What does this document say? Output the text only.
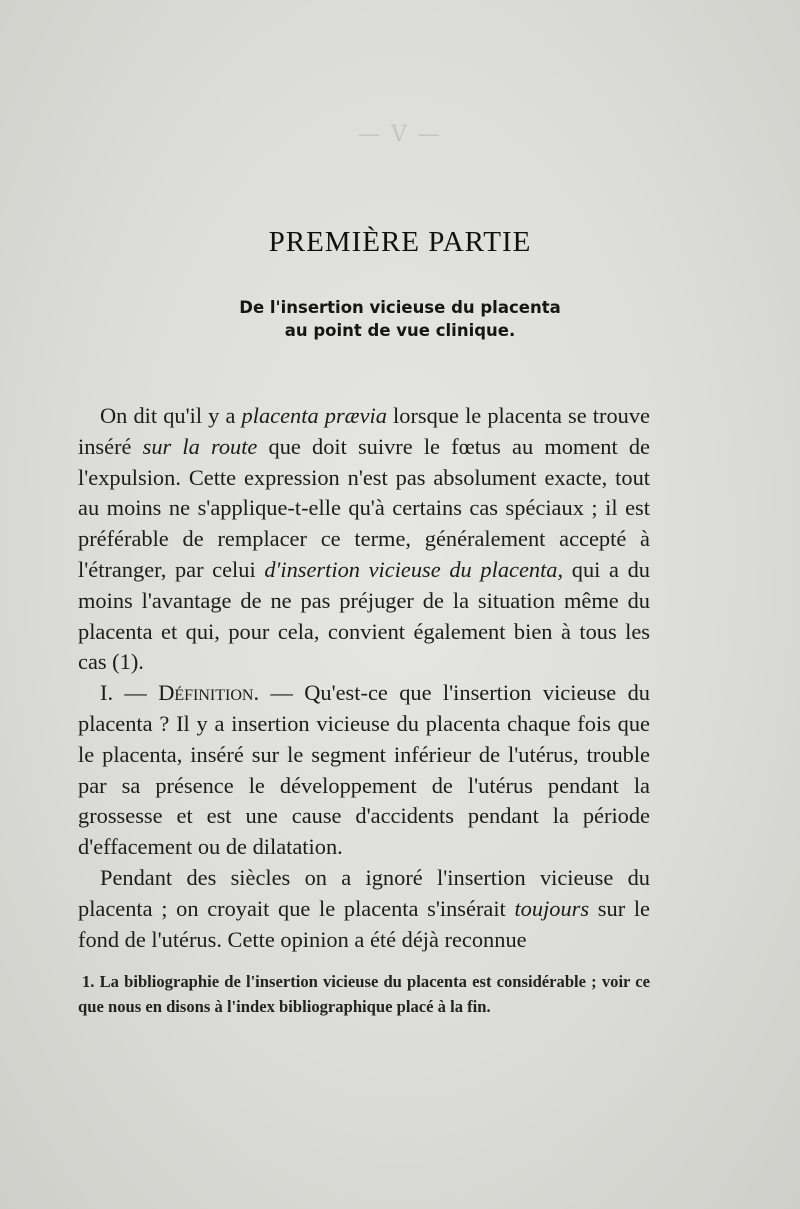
— V —
PREMIÈRE PARTIE
De l'insertion vicieuse du placenta
au point de vue clinique.

On dit qu'il y a placenta prævia lorsque le placenta se trouve inséré sur la route que doit suivre le fœtus au moment de l'expulsion. Cette expression n'est pas absolument exacte, tout au moins ne s'applique-t-elle qu'à certains cas spéciaux ; il est préférable de remplacer ce terme, généralement accepté à l'étranger, par celui d'insertion vicieuse du placenta, qui a du moins l'avantage de ne pas préjuger de la situation même du placenta et qui, pour cela, convient également bien à tous les cas (1).

I. — Définition. — Qu'est-ce que l'insertion vicieuse du placenta ? Il y a insertion vicieuse du placenta chaque fois que le placenta, inséré sur le segment inférieur de l'utérus, trouble par sa présence le développement de l'utérus pendant la grossesse et est une cause d'accidents pendant la période d'effacement ou de dilatation.

Pendant des siècles on a ignoré l'insertion vicieuse du placenta ; on croyait que le placenta s'insérait toujours sur le fond de l'utérus. Cette opinion a été déjà reconnue

1. La bibliographie de l'insertion vicieuse du placenta est considérable ; voir ce que nous en disons à l'index bibliographique placé à la fin.
